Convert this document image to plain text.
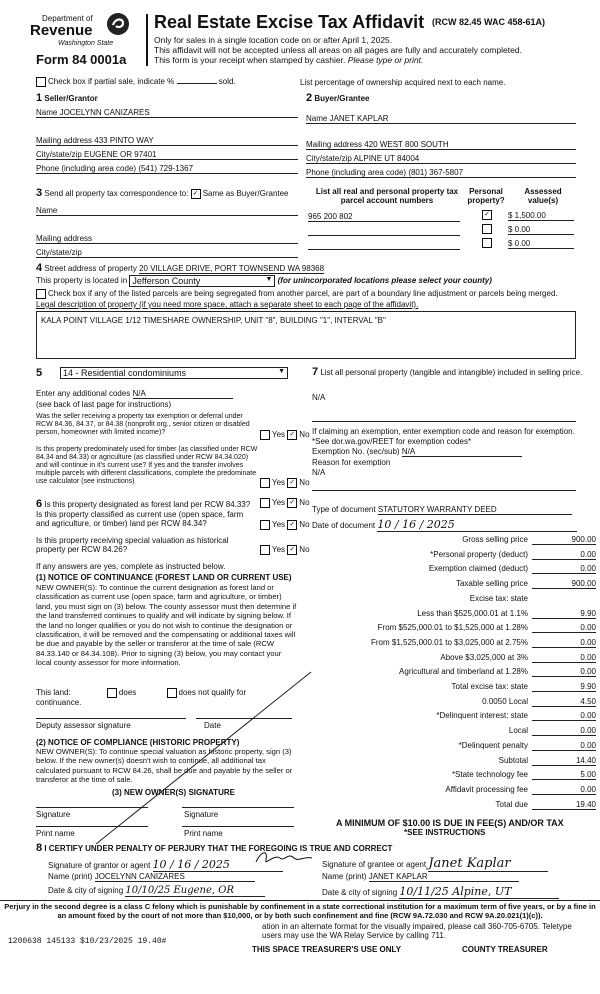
Department of
Revenue
Washington State
Form 84 0001a
Real Estate Excise Tax Affidavit (RCW 82.45 WAC 458-61A)
Only for sales in a single location code on or after April 1, 2025.
This affidavit will not be accepted unless all areas on all pages are fully and accurately completed.
This form is your receipt when stamped by cashier. Please type or print.
Check box if partial sale, indicate %	sold.	List percentage of ownership acquired next to each name.
1 Seller/Grantor
Name JOCELYNN CANIZARES
Mailing address 433 PINTO WAY
City/state/zip EUGENE OR 97401
Phone (including area code) (541) 729-1367
2 Buyer/Grantee
Name JANET KAPLAR
Mailing address 420 WEST 800 SOUTH
City/state/zip ALPINE UT 84004
Phone (including area code) (801) 367-5807
3 Send all property tax correspondence to: ✓ Same as Buyer/Grantee
Name
Mailing address
City/state/zip
List all real and personal property tax parcel account numbers
Personal property?
Assessed value(s)
965 200 802	✓ $ 1,500.00
$ 0.00
$ 0.00
4 Street address of property 20 VILLAGE DRIVE, PORT TOWNSEND WA 98368
This property is located in Jefferson County	▼ (for unincorporated locations please select your county)
Check box if any of the listed parcels are being segregated from another parcel, are part of a boundary line adjustment or parcels being merged.
Legal description of property (if you need more space, attach a separate sheet to each page of the affidavit).
KALA POINT VILLAGE 1/12 TIMESHARE OWNERSHIP, UNIT "8", BUILDING "1", INTERVAL "B"
5	14 - Residential condominiums	▼
Enter any additional codes N/A
(see back of last page for instructions)
Was the seller receiving a property tax exemption or deferral under RCW 84.36, 84.37, or 84.38 (nonprofit org., senior citizen or disabled person, homeowner with limited income)?	Yes ✓ No
Is this property predominately used for timber (as classified under RCW 84.34 and 84.33) or agriculture (as classified under RCW 84.34.020) and will continue in it's current use? If yes and the transfer involves multiple parcels with different classifications, complete the predominate use calculator (see instructions)	Yes ✓ No
6 Is this property designated as forest land per RCW 84.33?	Yes ✓ No
Is this property classified as current use (open space, farm and agriculture, or timber) land per RCW 84.34?	Yes ✓ No
Is this property receiving special valuation as historical property per RCW 84.26?	Yes ✓ No
If any answers are yes, complete as instructed below.
(1) NOTICE OF CONTINUANCE (FOREST LAND OR CURRENT USE)
NEW OWNER(S): To continue the current designation as forest land or classification as current use (open space, farm and agriculture, or timber) land, you must sign on (3) below. The county assessor must then determine if the land transferred continues to qualify and will indicate by signing below. If the land no longer qualifies or you do not wish to continue the designation or classification, it will be removed and the compensating or additional taxes will be due and payable by the seller or transferor at the time of sale (RCW 84.33.140 or 84.34.108). Prior to signing (3) below, you may contact your local county assessor for more information.
This land:	does	does not qualify for
continuance.
Deputy assessor signature	Date
(2) NOTICE OF COMPLIANCE (HISTORIC PROPERTY)
NEW OWNER(S): To continue special valuation as historic property, sign (3) below. If the new owner(s) doesn't wish to continue, all additional tax calculated pursuant to RCW 84.26, shall be due and payable by the seller or transferor at the time of sale.
(3) NEW OWNER(S) SIGNATURE
Signature	Signature
Print name	Print name
7 List all personal property (tangible and intangible) included in selling price.
N/A
If claiming an exemption, enter exemption code and reason for exemption. *See dor.wa.gov/REET for exemption codes*
Exemption No. (sec/sub) N/A
Reason for exemption
N/A
Type of document STATUTORY WARRANTY DEED
Date of document 10 / 16 / 2025
Gross selling price	900.00
*Personal property (deduct)	0.00
Exemption claimed (deduct)	0.00
Taxable selling price	900.00
Excise tax: state
Less than $525,000.01 at 1.1%	9.90
From $525,000.01 to $1,525,000 at 1.28%	0.00
From $1,525,000.01 to $3,025,000 at 2.75%	0.00
Above $3,025,000 at 3%	0.00
Agricultural and timberland at 1.28%	0.00
Total excise tax: state	9.90
0.0050 Local	4.50
*Delinquent interest: state	0.00
Local	0.00
*Delinquent penalty	0.00
Subtotal	14.40
*State technology fee	5.00
Affidavit processing fee	0.00
Total due	19.40
A MINIMUM OF $10.00 IS DUE IN FEE(S) AND/OR TAX
*SEE INSTRUCTIONS
8 I CERTIFY UNDER PENALTY OF PERJURY THAT THE FOREGOING IS TRUE AND CORRECT
Signature of grantor or agent 10 / 16 / 2025
Name (print) JOCELYNN CANIZARES
Date & city of signing 10/10/25 Eugene, OR
Signature of grantee or agent Janet Kaplar
Name (print) JANET KAPLAR
Date & city of signing 10/11/25 Alpine, UT
Perjury in the second degree is a class C felony which is punishable by confinement in a state correctional institution for a maximum term of five years, or by a fine in an amount fixed by the court of not more than $10,000, or by both such confinement and fine (RCW 9A.72.030 and RCW 9A.20.021(1)(c)).
ation in an alternate format for the visually impaired, please call 360-705-6705. Teletype users may use the WA Relay Service by calling 711.
1200638 145133 $10/23/2025 19.40#
THIS SPACE TREASURER'S USE ONLY	COUNTY TREASURER
